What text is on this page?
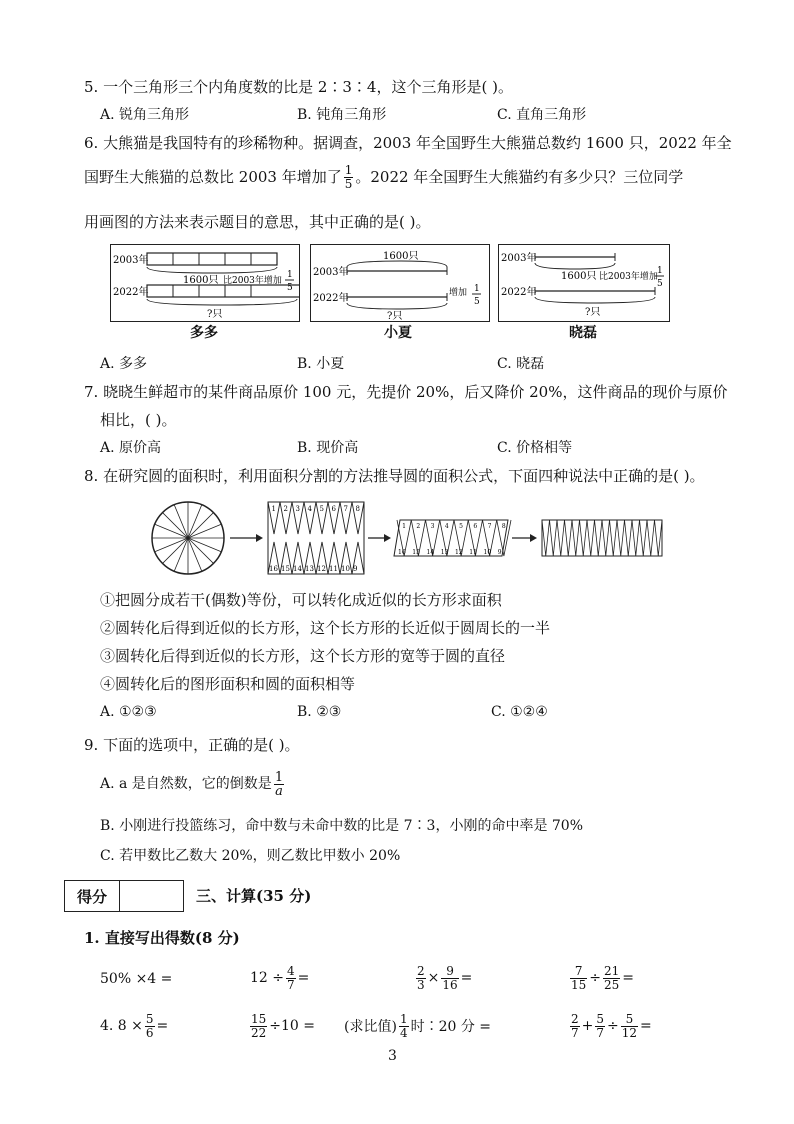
5. 一个三角形三个内角度数的比是 2∶3∶4，这个三角形是( )。
A. 锐角三角形	B. 钝角三角形	C. 直角三角形
6. 大熊猫是我国特有的珍稀物种。据调查，2003 年全国野生大熊猫总数约 1600 只，2022 年全
国野生大熊猫的总数比 2003 年增加了 $\frac{1}{5}$ 。2022 年全国野生大熊猫约有多少只？三位同学
用画图的方法来表示题目的意思，其中正确的是( )。
2003年
1600只 比2003年增加
1
5
2022年
?只
多多
1600只
2003年
2022年	增加 1
5
?只
小夏
2003年
1600只 比2003年增加
1
5
2022年
?只
晓磊
A. 多多	B. 小夏	C. 晓磊
7. 晓晓生鲜超市的某件商品原价 100 元，先提价 20%，后又降价 20%，这件商品的现价与原价
相比，( )。
A. 原价高	B. 现价高	C. 价格相等
8. 在研究圆的面积时，利用面积分割的方法推导圆的面积公式，下面四种说法中正确的是( )。
1
16
2
15
3
14
4
13
5
12
6
11
7
10
8
9
1
16
2
15
3
14
4
13
5
12
6
11
7
10
8
9
①把圆分成若干(偶数)等份，可以转化成近似的长方形求面积
②圆转化后得到近似的长方形，这个长方形的长近似于圆周长的一半
③圆转化后得到近似的长方形，这个长方形的宽等于圆的直径
④圆转化后的图形面积和圆的面积相等
A. ①②③	B. ②③	C. ①②④
9. 下面的选项中，正确的是( )。
A. a 是自然数，它的倒数是 $\frac{1}{a}$
B. 小刚进行投篮练习，命中数与未命中数的比是 7∶3，小刚的命中率是 70%
C. 若甲数比乙数大 20%，则乙数比甲数小 20%
得分	三、计算(35 分)
1. 直接写出得数(8 分)
50% ×4 =	$12 \div \frac{4}{7}$ =	$\frac{2}{3} \times \frac{9}{16}$ =	$\frac{7}{15} \div \frac{21}{25}$ =
4. $8 \times \frac{5}{6}$ =	$\frac{15}{22} \div 10$ = (求比值) $\frac{1}{4}$ 时∶20 分 =	$\frac{2}{7} + \frac{5}{7} \div \frac{5}{12}$ =
3
